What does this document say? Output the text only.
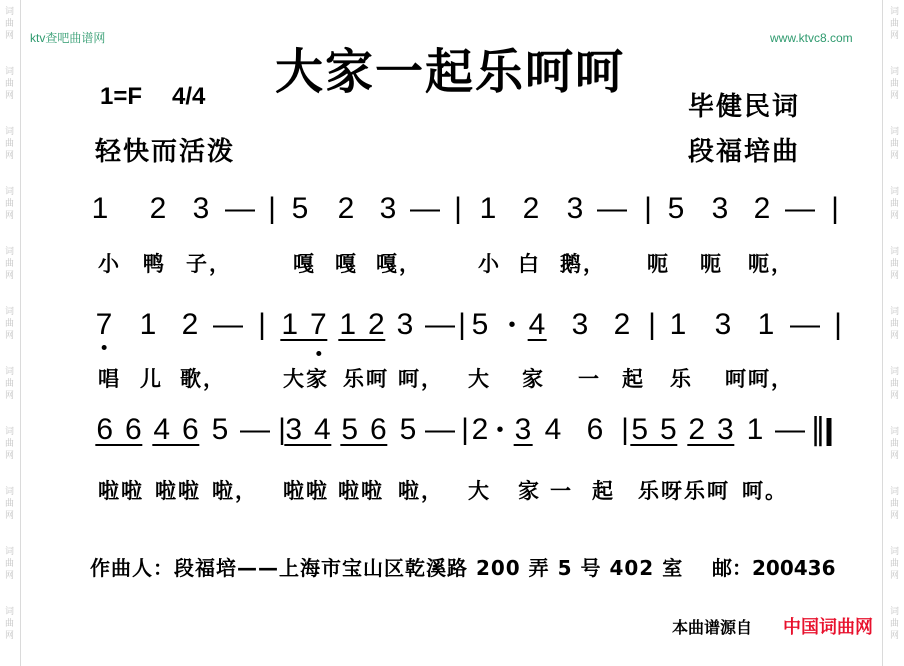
词曲网
词曲网
词曲网
词曲网
词曲网
词曲网
词曲网
词曲网
词曲网
词曲网
词曲网
词曲网
词曲网
词曲网
词曲网
词曲网
词曲网
词曲网
词曲网
词曲网
词曲网
词曲网
ktv查吧曲谱网	www.ktvc8.com
大家一起乐呵呵
1=F 4/4
轻快而活泼
毕健民词
段福培曲
1 2 3 — | 5 2 3 — | 1 2 3 — | 5 3 2 — |
小 鸭 子，	嘎 嘎 嘎，	小 白 鹅， 呃 呃 呃，
7 1 2 — | 1 7 1 2 3 — | 5 • 4 3 2 | 1 3 1 — |
唱 儿 歌，	大家 乐呵 呵， 大 家 一 起 乐 呵呵，
6 6 4 6 5 — | 3 4 5 6 5 — | 2 • 3 4 6 | 5 5 2 3 1 — ‖
啦啦 啦啦 啦， 啦啦 啦啦 啦， 大 家 一 起 乐呀乐呵 呵。
作曲人：段福培——上海市宝山区乾溪路 200 弄 5 号 402 室 邮：200436
本曲谱源自 中国词曲网
